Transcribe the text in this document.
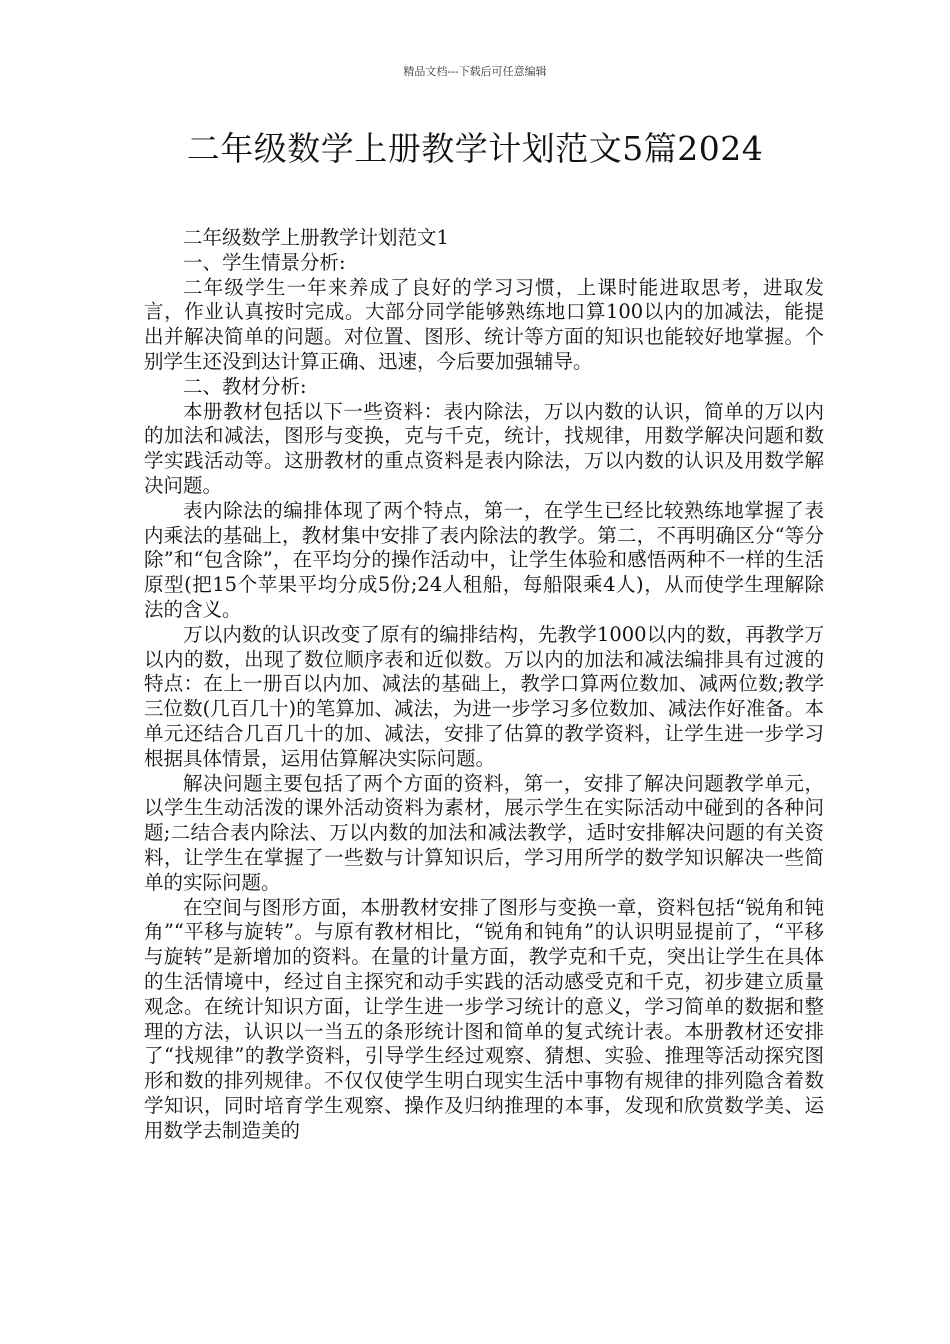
精品文档---下载后可任意编辑
二年级数学上册教学计划范文5篇2024

二年级数学上册教学计划范文1

一、学生情景分析:

二年级学生一年来养成了良好的学习习惯，上课时能进取思考，进取发言，作业认真按时完成。大部分同学能够熟练地口算100以内的加减法，能提出并解决简单的问题。对位置、图形、统计等方面的知识也能较好地掌握。个别学生还没到达计算正确、迅速，今后要加强辅导。

二、教材分析:

本册教材包括以下一些资料：表内除法，万以内数的认识，简单的万以内的加法和减法，图形与变换，克与千克，统计，找规律，用数学解决问题和数学实践活动等。这册教材的重点资料是表内除法，万以内数的认识及用数学解决问题。

表内除法的编排体现了两个特点，第一，在学生已经比较熟练地掌握了表内乘法的基础上，教材集中安排了表内除法的教学。第二，不再明确区分“等分除”和“包含除”，在平均分的操作活动中，让学生体验和感悟两种不一样的生活原型(把15个苹果平均分成5份;24人租船，每船限乘4人)，从而使学生理解除法的含义。

万以内数的认识改变了原有的编排结构，先教学1000以内的数，再教学万以内的数，出现了数位顺序表和近似数。万以内的加法和减法编排具有过渡的特点：在上一册百以内加、减法的基础上，教学口算两位数加、减两位数;教学三位数(几百几十)的笔算加、减法，为进一步学习多位数加、减法作好准备。本单元还结合几百几十的加、减法，安排了估算的教学资料，让学生进一步学习根据具体情景，运用估算解决实际问题。

解决问题主要包括了两个方面的资料，第一，安排了解决问题教学单元，以学生生动活泼的课外活动资料为素材，展示学生在实际活动中碰到的各种问题;二结合表内除法、万以内数的加法和减法教学，适时安排解决问题的有关资料，让学生在掌握了一些数与计算知识后，学习用所学的数学知识解决一些简单的实际问题。

在空间与图形方面，本册教材安排了图形与变换一章，资料包括“锐角和钝角”“平移与旋转”。与原有教材相比，“锐角和钝角”的认识明显提前了，“平移与旋转”是新增加的资料。在量的计量方面，教学克和千克，突出让学生在具体的生活情境中，经过自主探究和动手实践的活动感受克和千克，初步建立质量观念。在统计知识方面，让学生进一步学习统计的意义，学习简单的数据和整理的方法，认识以一当五的条形统计图和简单的复式统计表。本册教材还安排了“找规律”的教学资料，引导学生经过观察、猜想、实验、推理等活动探究图形和数的排列规律。不仅仅使学生明白现实生活中事物有规律的排列隐含着数学知识，同时培育学生观察、操作及归纳推理的本事，发现和欣赏数学美、运用数学去制造美的
